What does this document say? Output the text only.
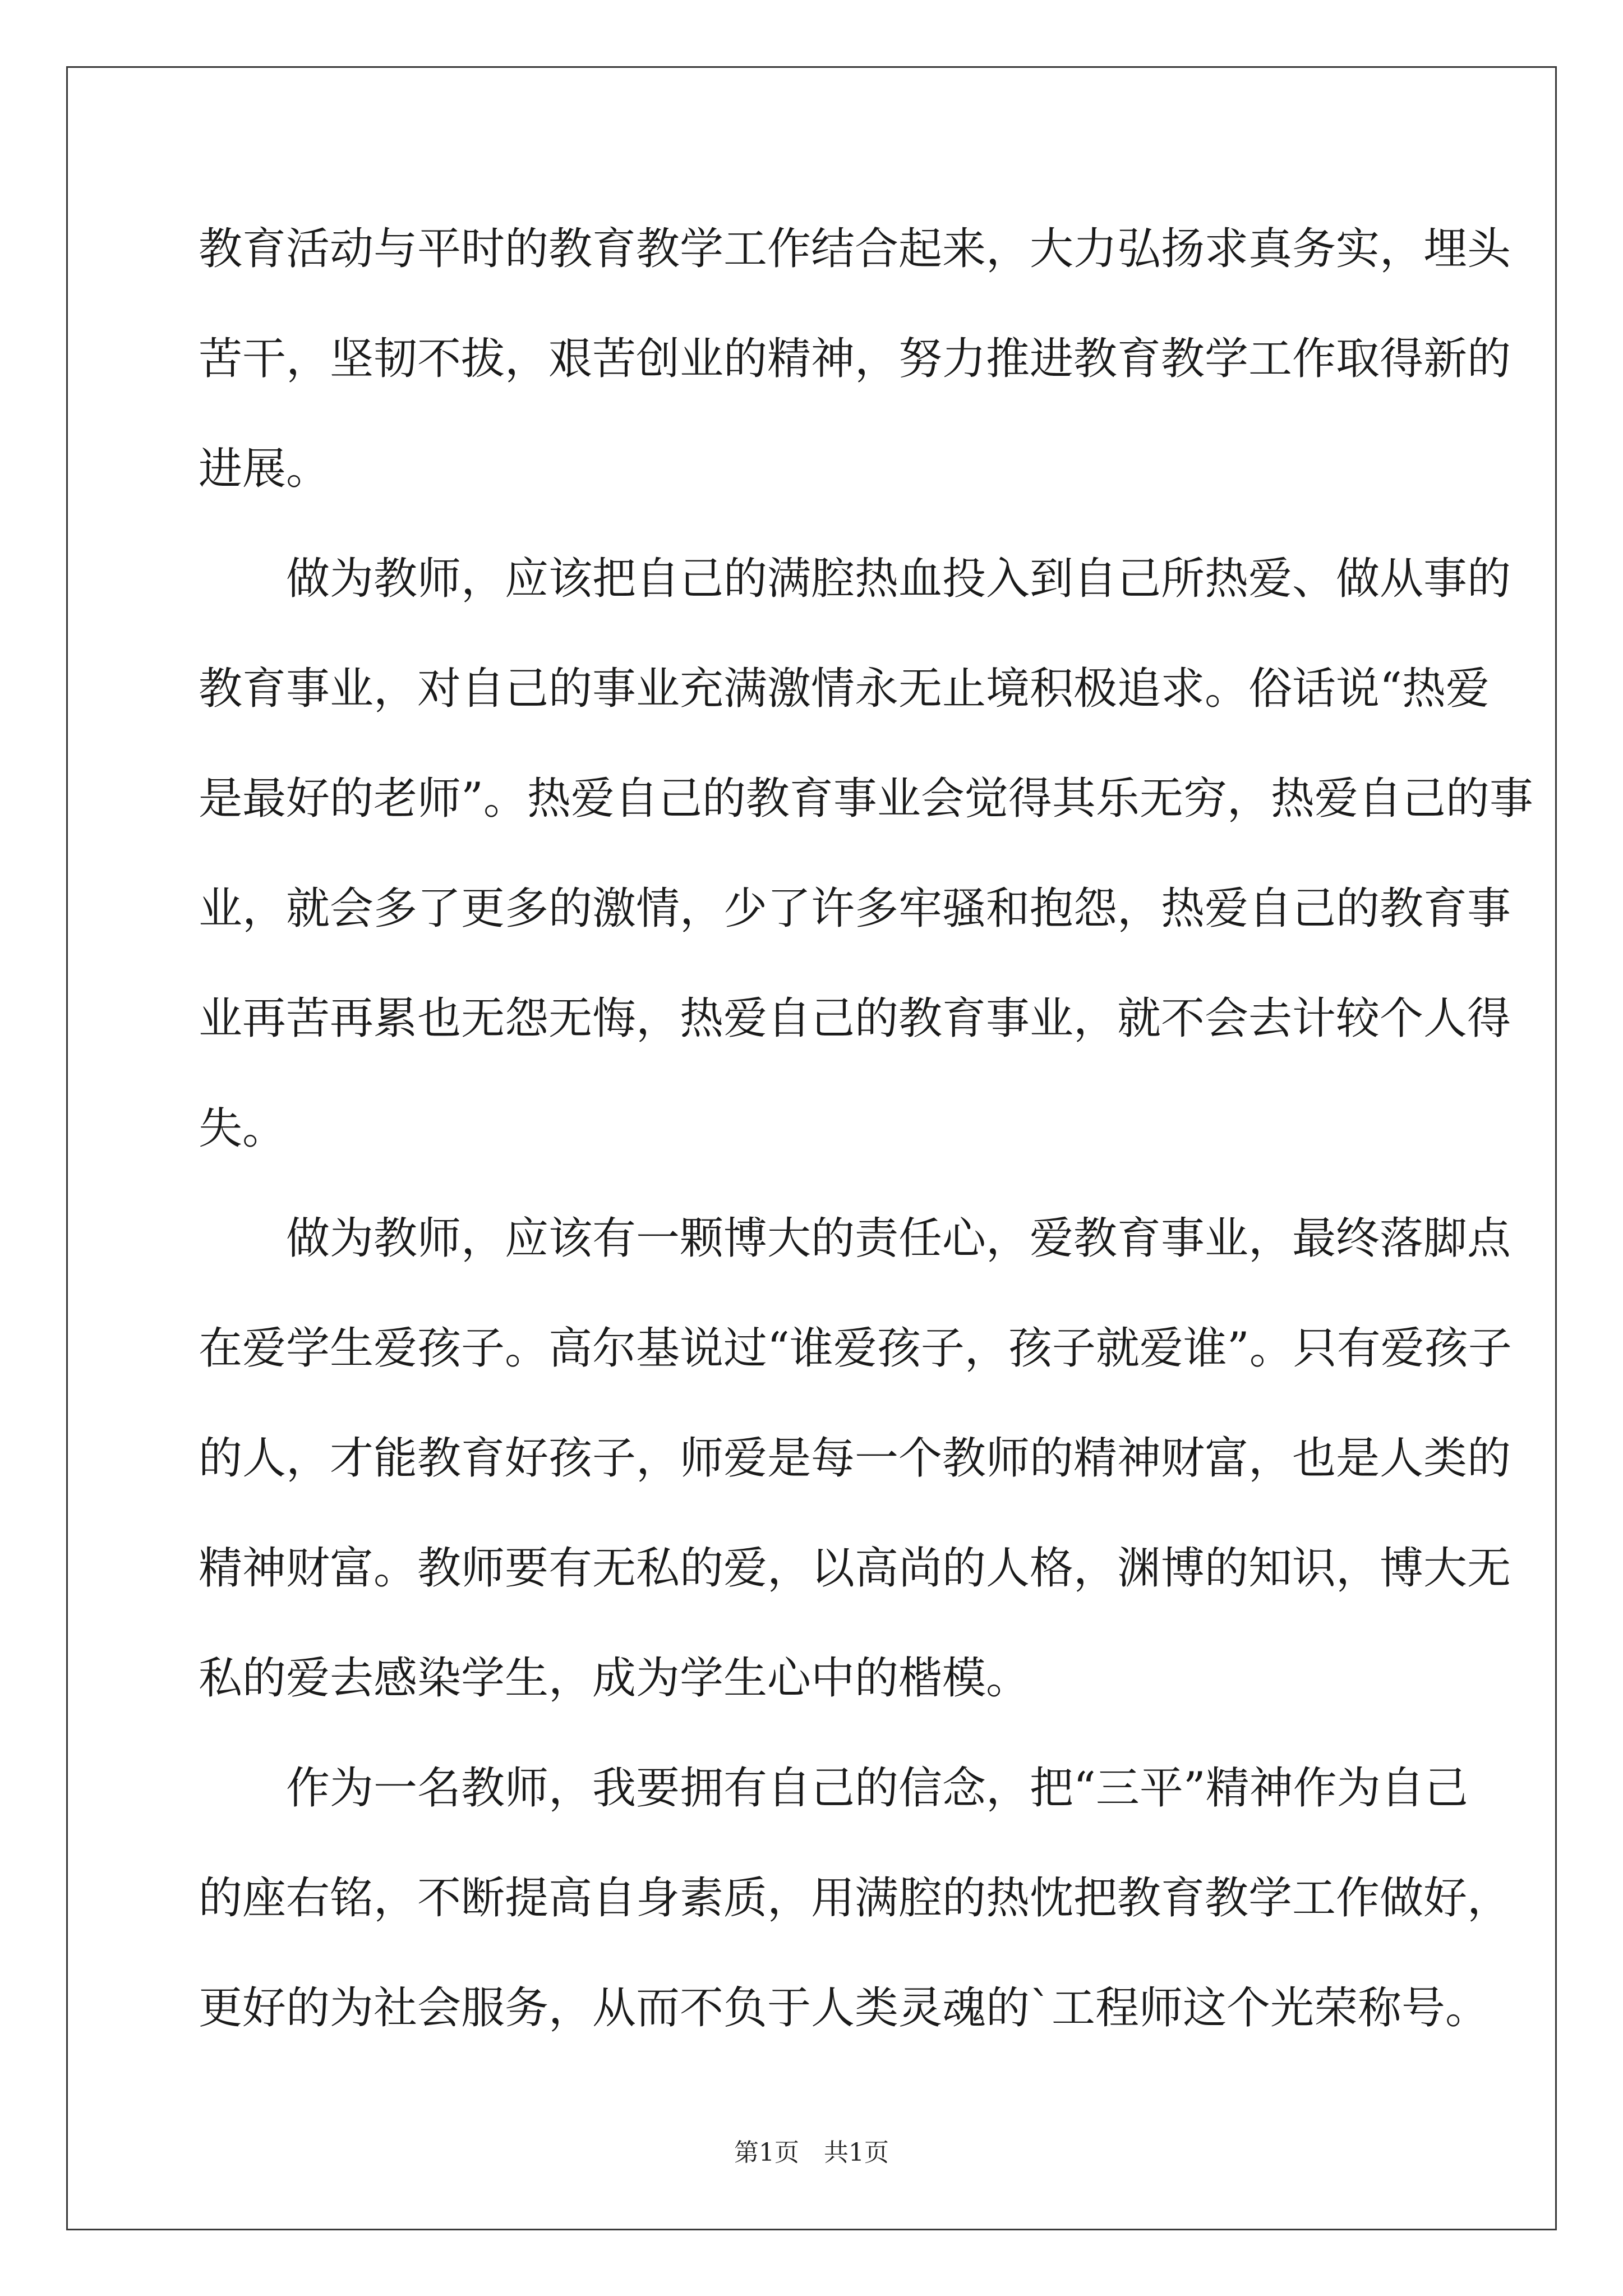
教育活动与平时的教育教学工作结合起来，大力弘扬求真务实，埋头
苦干，坚韧不拔，艰苦创业的精神，努力推进教育教学工作取得新的
进展。
　　做为教师，应该把自己的满腔热血投入到自己所热爱、做从事的
教育事业，对自己的事业充满激情永无止境积极追求。俗话说“热爱
是最好的老师”。热爱自己的教育事业会觉得其乐无穷，热爱自己的事
业，就会多了更多的激情，少了许多牢骚和抱怨，热爱自己的教育事
业再苦再累也无怨无悔，热爱自己的教育事业，就不会去计较个人得
失。
　　做为教师，应该有一颗博大的责任心，爱教育事业，最终落脚点
在爱学生爱孩子。高尔基说过“谁爱孩子，孩子就爱谁”。只有爱孩子
的人，才能教育好孩子，师爱是每一个教师的精神财富，也是人类的
精神财富。教师要有无私的爱，以高尚的人格，渊博的知识，博大无
私的爱去感染学生，成为学生心中的楷模。
　　作为一名教师，我要拥有自己的信念，把“三平”精神作为自己
的座右铭，不断提高自身素质，用满腔的热忱把教育教学工作做好，
更好的为社会服务，从而不负于人类灵魂的`工程师这个光荣称号。
第1页　共1页
